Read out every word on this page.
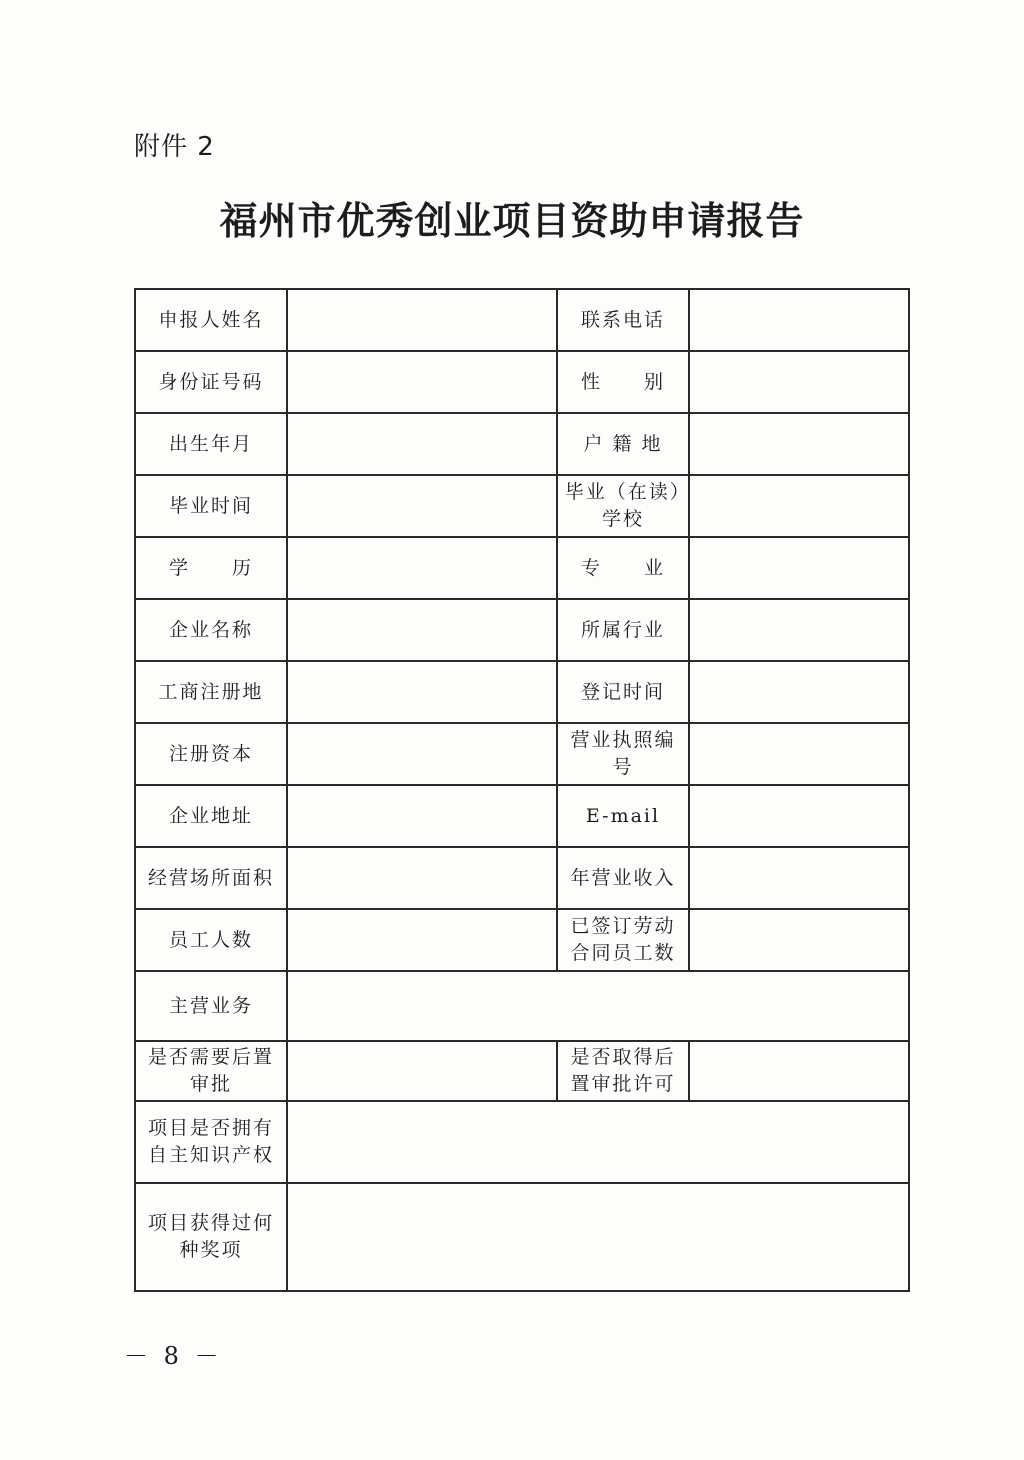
附件 2
福州市优秀创业项目资助申请报告
申报人姓名		联系电话	
身份证号码		性　　别	
出生年月		户 籍 地	
毕业时间		毕业（在读）学校	
学　　历		专　　业	
企业名称		所属行业	
工商注册地		登记时间	
注册资本		营业执照编号	
企业地址		E-mail	
经营场所面积		年营业收入	
员工人数		已签订劳动合同员工数	
主营业务			
是否需要后置审批		是否取得后置审批许可	
项目是否拥有自主知识产权			
项目获得过何种奖项			
－ 8 －
